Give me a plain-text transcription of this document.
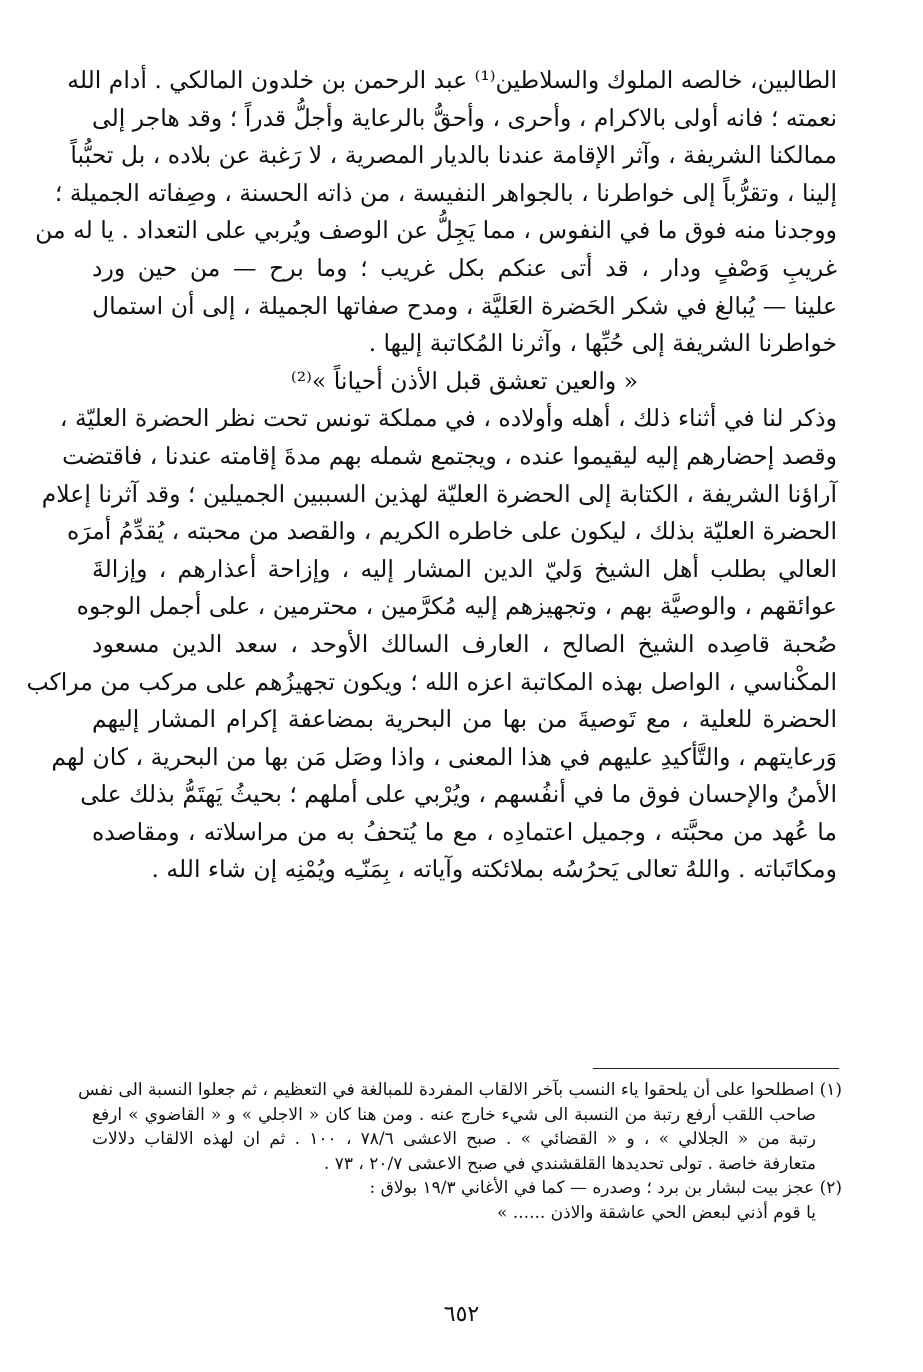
الطالبين، خالصه الملوك والسلاطين⁽¹⁾ عبد الرحمن بن خلدون المالكي . أدام الله
نعمته ؛ فانه أولى بالاكرام ، وأحرى ، وأحقُّ بالرعاية وأجلُّ قدراً ؛ وقد هاجر إلى
ممالكنا الشريفة ، وآثر الإقامة عندنا بالديار المصرية ، لا رَغبة عن بلاده ، بل تحبُّباً
إلينا ، وتقرُّباً إلى خواطرنا ، بالجواهر النفيسة ، من ذاته الحسنة ، وصِفاته الجميلة ؛
ووجدنا منه فوق ما في النفوس ، مما يَجِلُّ عن الوصف ويُربي على التعداد . يا له من
غريبِ وَصْفٍ ودار ، قد أتى عنكم بكل غريب ؛ وما برح — من حين ورد
علينا — يُبالغ في شكر الحَضرة العَليَّة ، ومدح صفاتها الجميلة ، إلى أن استمال
خواطرنا الشريفة إلى حُبِّها ، وآثرنا المُكاتبة إليها .
« والعين تعشق قبل الأذن أحياناً »⁽²⁾
وذكر لنا في أثناء ذلك ، أهله وأولاده ، في مملكة تونس تحت نظر الحضرة العليّة ،
وقصد إحضارهم إليه ليقيموا عنده ، ويجتمع شمله بهم مدةَ إقامته عندنا ، فاقتضت
آراؤنا الشريفة ، الكتابة إلى الحضرة العليّة لهذين السببين الجميلين ؛ وقد آثرنا إعلام
الحضرة العليّة بذلك ، ليكون على خاطره الكريم ، والقصد من محبته ، يُقدِّمُ أمرَه
العالي بطلب أهل الشيخ وَليّ الدين المشار إليه ، وإزاحة أعذارهم ، وإزالةَ
عوائقهم ، والوصيَّة بهم ، وتجهيزهم إليه مُكرَّمين ، محترمين ، على أجمل الوجوه
صُحبة قاصِده الشيخ الصالح ، العارف السالك الأوحد ، سعد الدين مسعود
المكْناسي ، الواصل بهذه المكاتبة اعزه الله ؛ ويكون تجهيزُهم على مركب من مراكب
الحضرة للعلية ، مع تَوصيةَ من بها من البحرية بمضاعفة إكرام المشار إليهم
وَرعايتهم ، والتَّأكيدِ عليهم في هذا المعنى ، واذا وصَل مَن بها من البحرية ، كان لهم
الأمنُ والإحسان فوق ما في أنفُسهم ، ويُرْبي على أملهم ؛ بحيثُ يَهتَمُّ بذلك على
ما عُهد من محبَّته ، وجميل اعتمادِه ، مع ما يُتحفُ به من مراسلاته ، ومقاصده
ومكاتَباته . واللهُ تعالى يَحرُسُه بملائكته وآياته ، بِمَنّـِه ويُمْنِه إن شاء الله .
(١) اصطلحوا على أن يلحقوا ياء النسب بآخر الالقاب المفردة للمبالغة في التعظيم ، ثم جعلوا النسبة الى نفس
صاحب اللقب أرفع رتبة من النسبة الى شيء خارج عنه . ومن هنا كان « الاجلي » و « القاضوي » ارفع
رتبة من « الجلالي » ، و « القضائي » . صبح الاعشى ٧٨/٦ ، ١٠٠ . ثم ان لهذه الالقاب دلالات
متعارفة خاصة . تولى تحديدها القلقشندي في صبح الاعشى ٢٠/٧ ، ٧٣ .
(٢) عجز بيت لبشار بن برد ؛ وصدره — كما في الأغاني ١٩/٣ بولاق :
يا قوم أذني لبعض الحي عاشقة والاذن ...... »
٦٥٢
